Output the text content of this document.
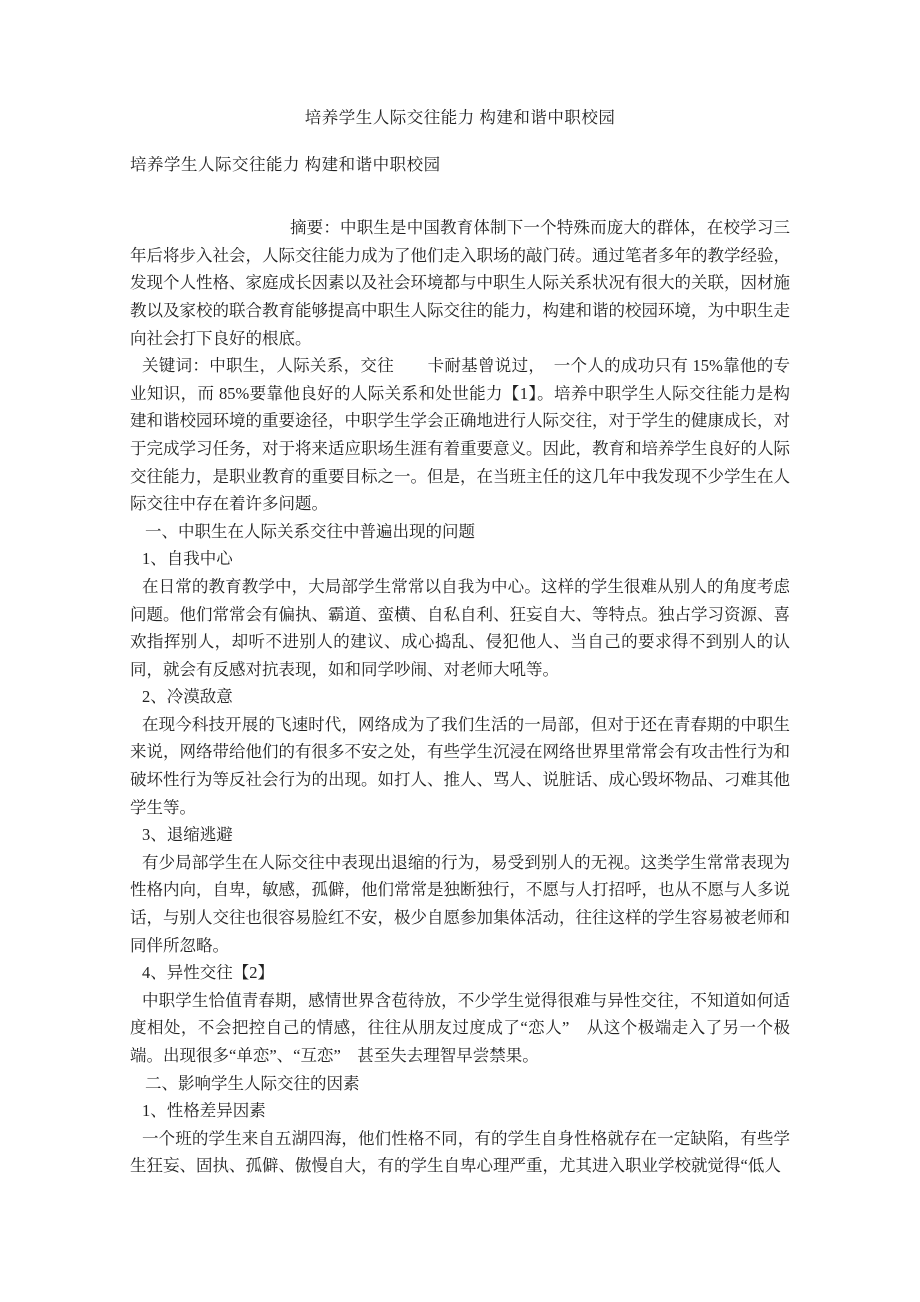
培养学生人际交往能力 构建和谐中职校园
培养学生人际交往能力 构建和谐中职校园

摘要：中职生是中国教育体制下一个特殊而庞大的群体，在校学习三年后将步入社会，人际交往能力成为了他们走入职场的敲门砖。通过笔者多年的教学经验，发现个人性格、家庭成长因素以及社会环境都与中职生人际关系状况有很大的关联，因材施教以及家校的联合教育能够提高中职生人际交往的能力，构建和谐的校园环境，为中职生走向社会打下良好的根底。

关键词：中职生，人际关系，交往　　卡耐基曾说过，　一个人的成功只有 15%靠他的专业知识，而 85%要靠他良好的人际关系和处世能力【1】。培养中职学生人际交往能力是构建和谐校园环境的重要途径，中职学生学会正确地进行人际交往，对于学生的健康成长，对于完成学习任务，对于将来适应职场生涯有着重要意义。因此，教育和培养学生良好的人际交往能力，是职业教育的重要目标之一。但是，在当班主任的这几年中我发现不少学生在人际交往中存在着许多问题。

一、中职生在人际关系交往中普遍出现的问题

1、自我中心

在日常的教育教学中，大局部学生常常以自我为中心。这样的学生很难从别人的角度考虑问题。他们常常会有偏执、霸道、蛮横、自私自利、狂妄自大、等特点。独占学习资源、喜欢指挥别人，却听不进别人的建议、成心捣乱、侵犯他人、当自己的要求得不到别人的认同，就会有反感对抗表现，如和同学吵闹、对老师大吼等。

2、冷漠敌意

在现今科技开展的飞速时代，网络成为了我们生活的一局部，但对于还在青春期的中职生来说，网络带给他们的有很多不安之处，有些学生沉浸在网络世界里常常会有攻击性行为和破坏性行为等反社会行为的出现。如打人、推人、骂人、说脏话、成心毁坏物品、刁难其他学生等。

3、退缩逃避

有少局部学生在人际交往中表现出退缩的行为，易受到别人的无视。这类学生常常表现为性格内向，自卑，敏感，孤僻，他们常常是独断独行，不愿与人打招呼，也从不愿与人多说话，与别人交往也很容易脸红不安，极少自愿参加集体活动，往往这样的学生容易被老师和同伴所忽略。

4、异性交往【2】

中职学生恰值青春期，感情世界含苞待放，不少学生觉得很难与异性交往，不知道如何适度相处，不会把控自己的情感，往往从朋友过度成了“恋人”　从这个极端走入了另一个极端。出现很多“单恋”、“互恋”　甚至失去理智早尝禁果。

二、影响学生人际交往的因素

1、性格差异因素

一个班的学生来自五湖四海，他们性格不同，有的学生自身性格就存在一定缺陷，有些学生狂妄、固执、孤僻、傲慢自大，有的学生自卑心理严重，尤其进入职业学校就觉得“低人
